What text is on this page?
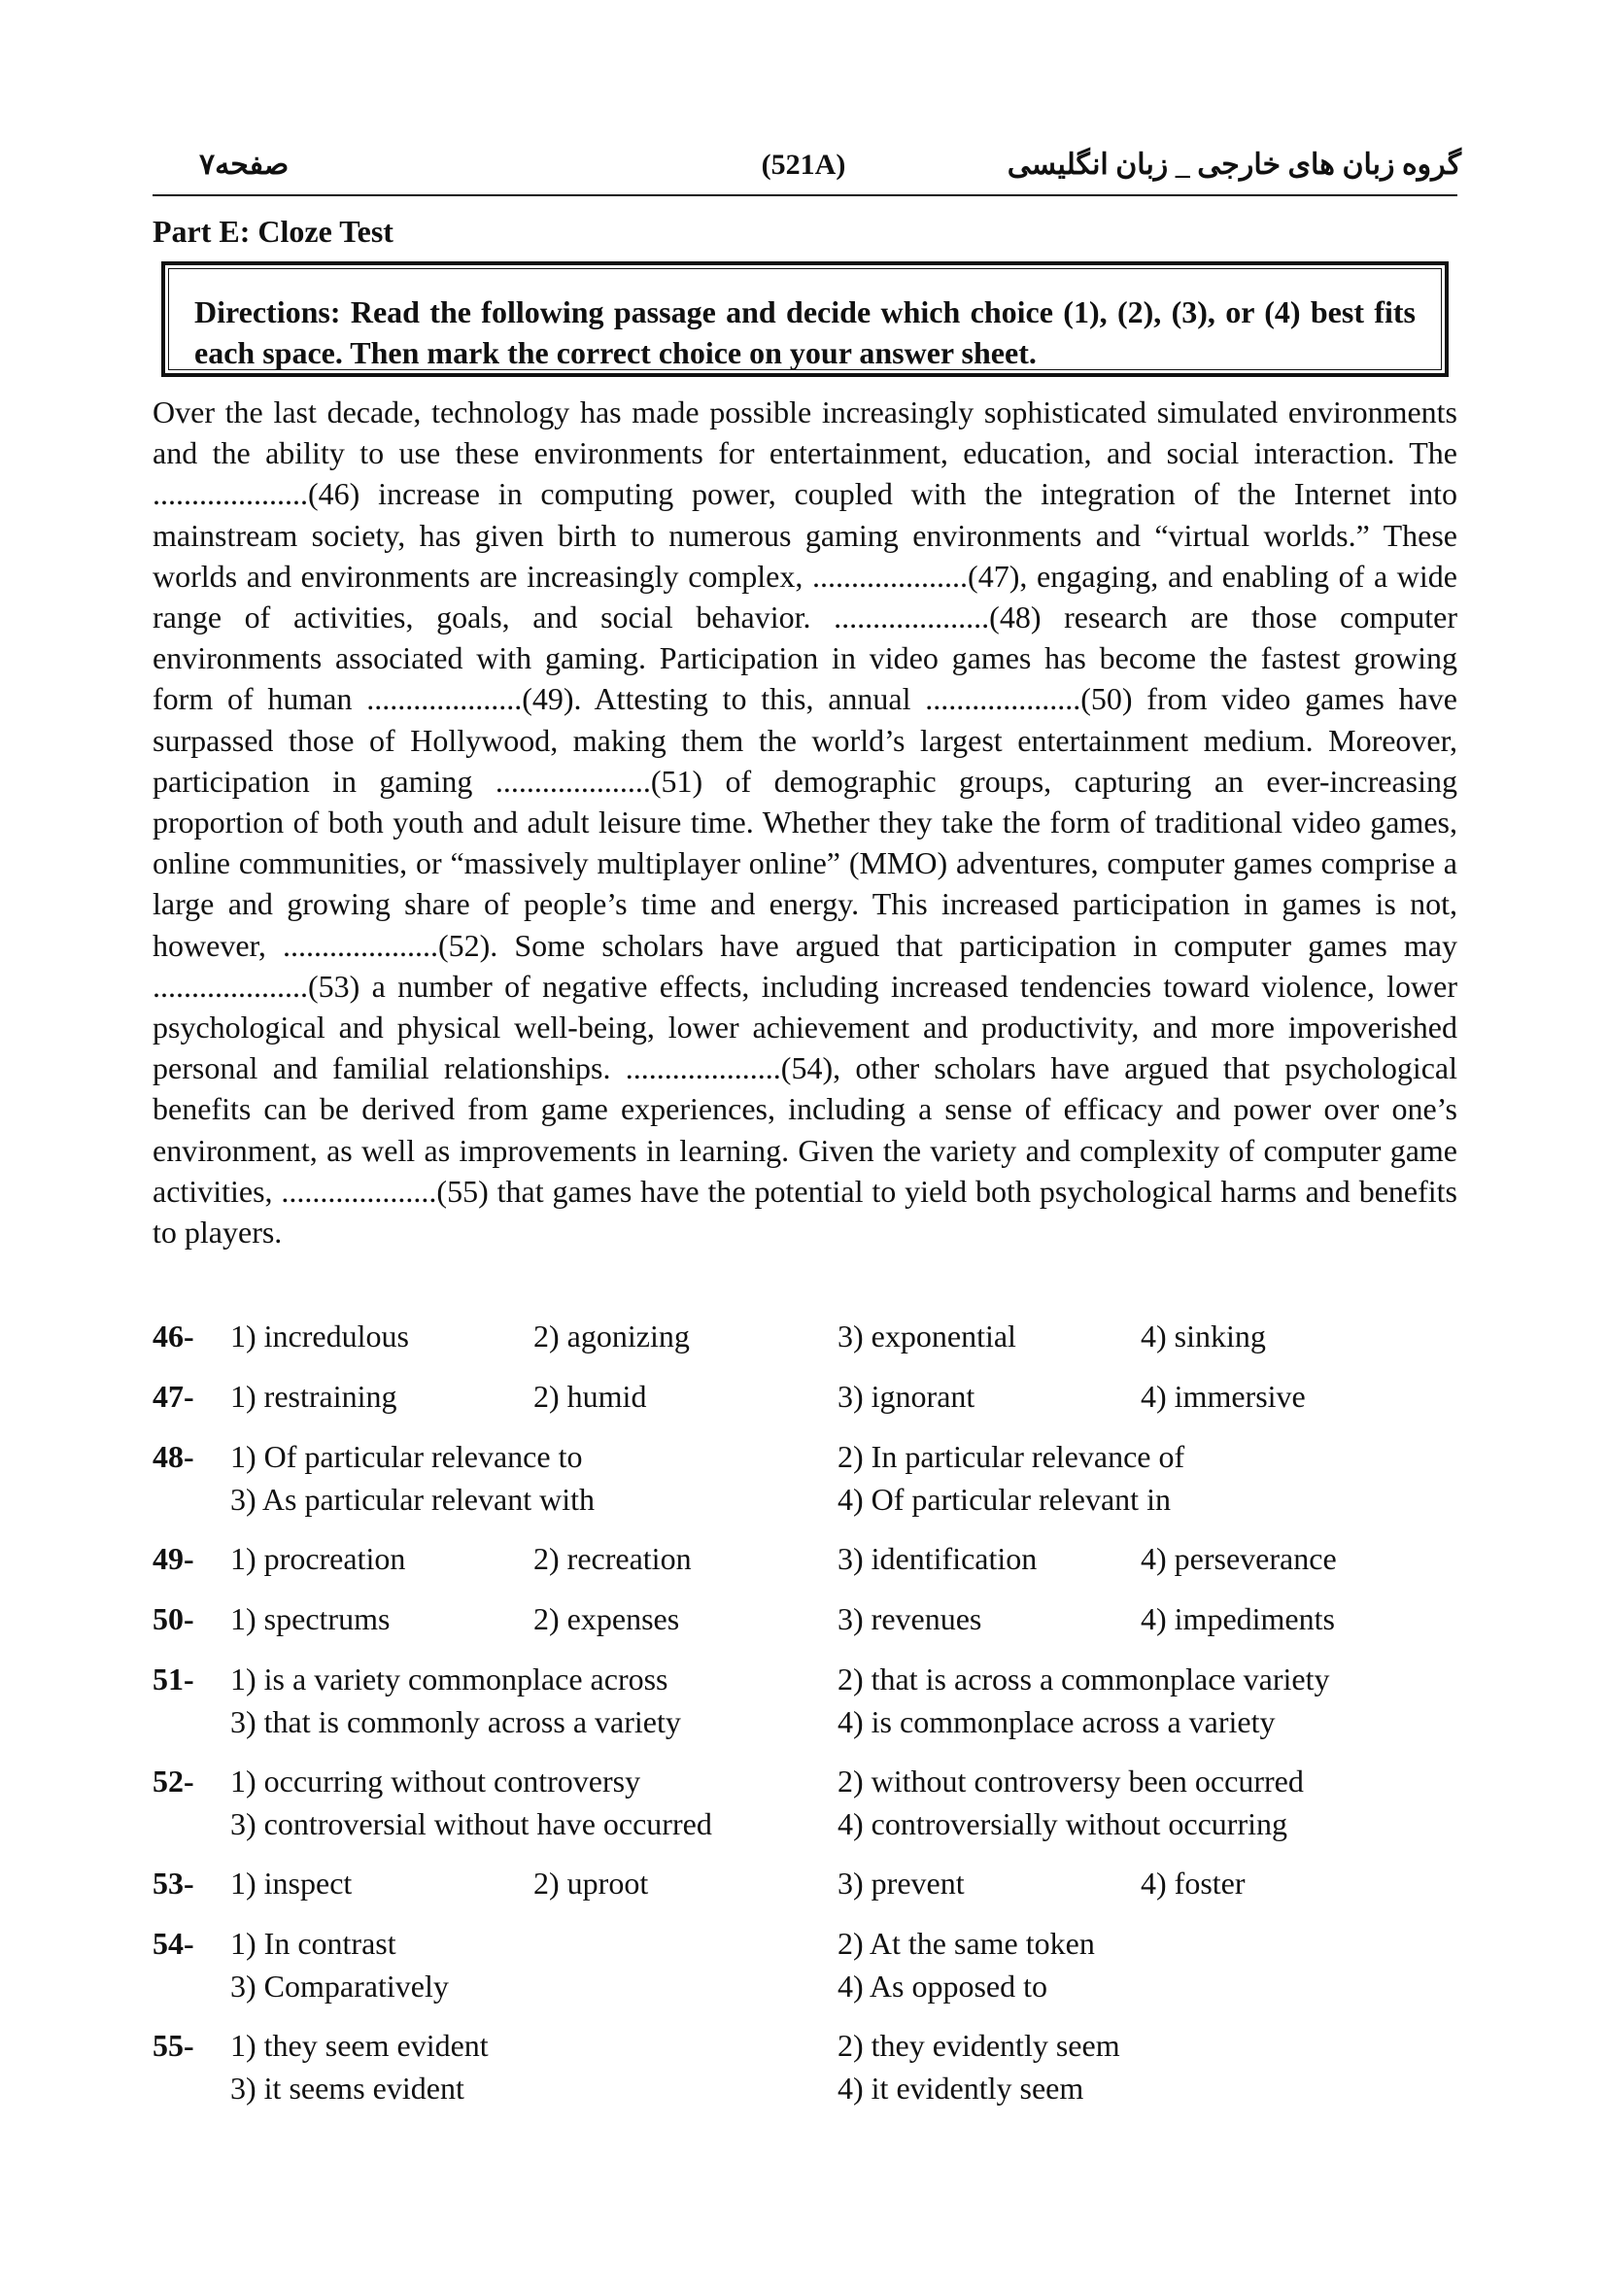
صفحه۷	(521A)	گروه زبان های خارجی _ زبان انگلیسی
Part E: Cloze Test
Directions: Read the following passage and decide which choice (1), (2), (3), or (4) best fits each space. Then mark the correct choice on your answer sheet.
Over the last decade, technology has made possible increasingly sophisticated simulated environments and the ability to use these environments for entertainment, education, and social interaction. The ....................(46) increase in computing power, coupled with the integration of the Internet into mainstream society, has given birth to numerous gaming environments and “virtual worlds.” These worlds and environments are increasingly complex, ....................(47), engaging, and enabling of a wide range of activities, goals, and social behavior. ....................(48) research are those computer environments associated with gaming. Participation in video games has become the fastest growing form of human ....................(49). Attesting to this, annual ....................(50) from video games have surpassed those of Hollywood, making them the world’s largest entertainment medium. Moreover, participation in gaming ....................(51) of demographic groups, capturing an ever-increasing proportion of both youth and adult leisure time. Whether they take the form of traditional video games, online communities, or “massively multiplayer online” (MMO) adventures, computer games comprise a large and growing share of people’s time and energy. This increased participation in games is not, however, ....................(52). Some scholars have argued that participation in computer games may ....................(53) a number of negative effects, including increased tendencies toward violence, lower psychological and physical well-being, lower achievement and productivity, and more impoverished personal and familial relationships. ....................(54), other scholars have argued that psychological benefits can be derived from game experiences, including a sense of efficacy and power over one’s environment, as well as improvements in learning. Given the variety and complexity of computer game activities, ....................(55) that games have the potential to yield both psychological harms and benefits to players.
46- 1) incredulous	2) agonizing	3) exponential	4) sinking
47- 1) restraining	2) humid	3) ignorant	4) immersive
48- 1) Of particular relevance to	2) In particular relevance of
3) As particular relevant with	4) Of particular relevant in
49- 1) procreation	2) recreation	3) identification	4) perseverance
50- 1) spectrums	2) expenses	3) revenues	4) impediments
51- 1) is a variety commonplace across	2) that is across a commonplace variety
3) that is commonly across a variety	4) is commonplace across a variety
52- 1) occurring without controversy	2) without controversy been occurred
3) controversial without have occurred	4) controversially without occurring
53- 1) inspect	2) uproot	3) prevent	4) foster
54- 1) In contrast	2) At the same token
3) Comparatively	4) As opposed to
55- 1) they seem evident	2) they evidently seem
3) it seems evident	4) it evidently seem
